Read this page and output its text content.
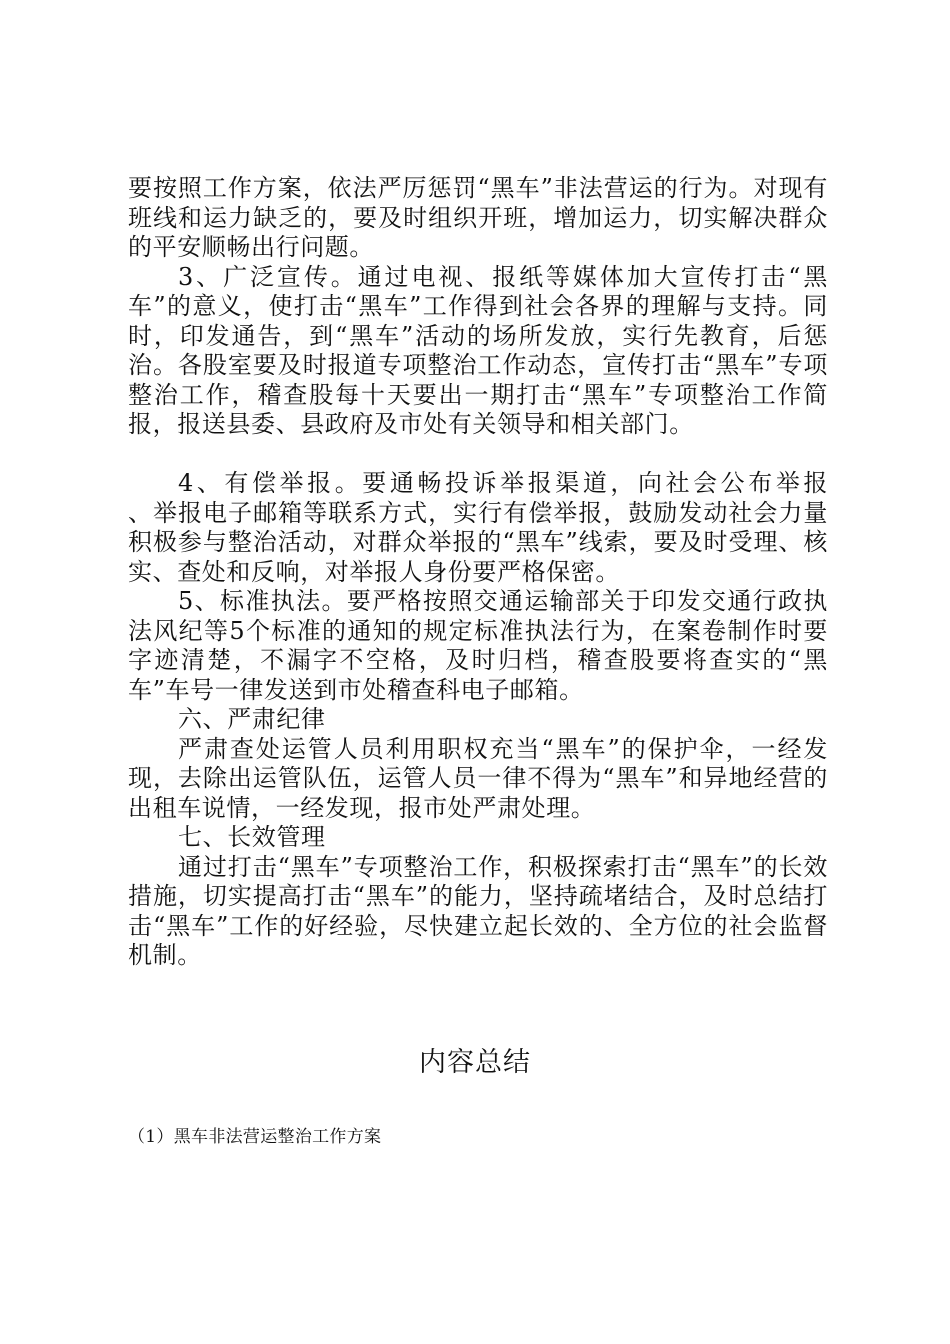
要按照工作方案，依法严厉惩罚“黑车”非法营运的行为。对现有班线和运力缺乏的，要及时组织开班，增加运力，切实解决群众的平安顺畅出行问题。

3、广泛宣传。通过电视、报纸等媒体加大宣传打击“黑车”的意义，使打击“黑车”工作得到社会各界的理解与支持。同时，印发通告，到“黑车”活动的场所发放，实行先教育，后惩治。各股室要及时报道专项整治工作动态，宣传打击“黑车”专项整治工作，稽查股每十天要出一期打击“黑车”专项整治工作简报，报送县委、县政府及市处有关领导和相关部门。

4、有偿举报。要通畅投诉举报渠道，向社会公布举报　　、举报电子邮箱等联系方式，实行有偿举报，鼓励发动社会力量积极参与整治活动，对群众举报的“黑车”线索，要及时受理、核实、查处和反响，对举报人身份要严格保密。

5、标准执法。要严格按照交通运输部关于印发交通行政执法风纪等5个标准的通知的规定标准执法行为，在案卷制作时要字迹清楚，不漏字不空格，及时归档，稽查股要将查实的“黑车”车号一律发送到市处稽查科电子邮箱。

六、严肃纪律

严肃查处运管人员利用职权充当“黑车”的保护伞，一经发现，去除出运管队伍，运管人员一律不得为“黑车”和异地经营的出租车说情，一经发现，报市处严肃处理。

七、长效管理

通过打击“黑车”专项整治工作，积极探索打击“黑车”的长效措施，切实提高打击“黑车”的能力，坚持疏堵结合，及时总结打击“黑车”工作的好经验，尽快建立起长效的、全方位的社会监督机制。

内容总结
（1）黑车非法营运整治工作方案
